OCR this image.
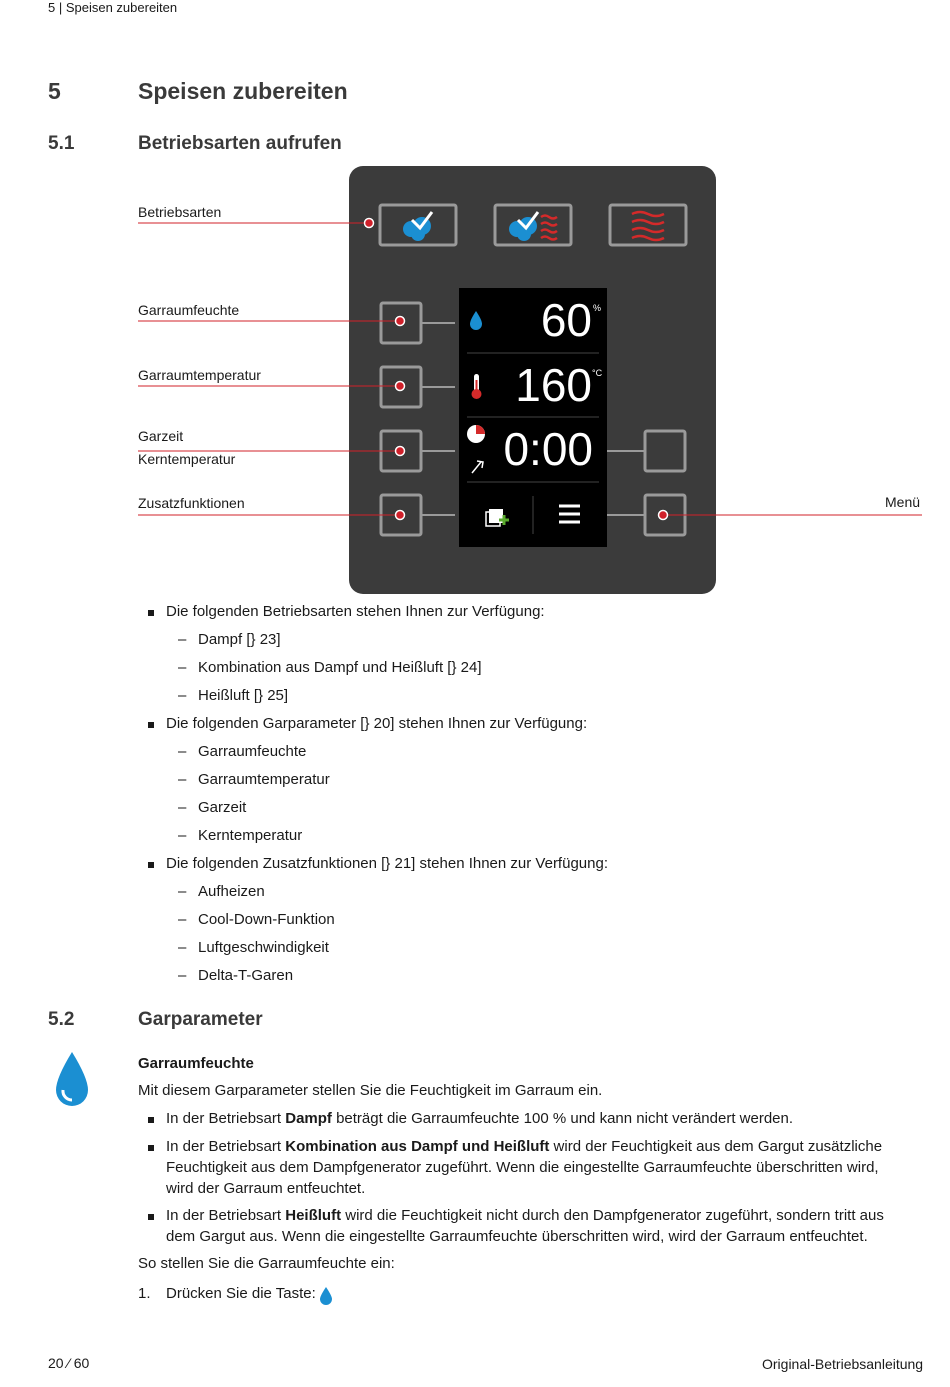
5 | Speisen zubereiten
5	Speisen zubereiten
5.1	Betriebsarten aufrufen
60 %
160 °C
0:00
Betriebsarten
Garraumfeuchte
Garraumtemperatur
Garzeit
Kerntemperatur
Zusatzfunktionen	Menü
Die folgenden Betriebsarten stehen Ihnen zur Verfügung:
– Dampf [} 23]
– Kombination aus Dampf und Heißluft [} 24]
– Heißluft [} 25]
Die folgenden Garparameter [} 20] stehen Ihnen zur Verfügung:
– Garraumfeuchte
– Garraumtemperatur
– Garzeit
– Kerntemperatur
Die folgenden Zusatzfunktionen [} 21] stehen Ihnen zur Verfügung:
– Aufheizen
– Cool-Down-Funktion
– Luftgeschwindigkeit
– Delta-T-Garen
5.2	Garparameter
Garraumfeuchte
Mit diesem Garparameter stellen Sie die Feuchtigkeit im Garraum ein.
In der Betriebsart Dampf beträgt die Garraumfeuchte 100 % und kann nicht verändert werden.
In der Betriebsart Kombination aus Dampf und Heißluft wird der Feuchtigkeit aus dem Gargut zusätzliche
Feuchtigkeit aus dem Dampfgenerator zugeführt. Wenn die eingestellte Garraumfeuchte überschritten wird,
wird der Garraum entfeuchtet.
In der Betriebsart Heißluft wird die Feuchtigkeit nicht durch den Dampfgenerator zugeführt, sondern tritt aus
dem Gargut aus. Wenn die eingestellte Garraumfeuchte überschritten wird, wird der Garraum entfeuchtet.
So stellen Sie die Garraumfeuchte ein:
1. Drücken Sie die Taste:
20 ⁄ 60	Original-Betriebsanleitung
